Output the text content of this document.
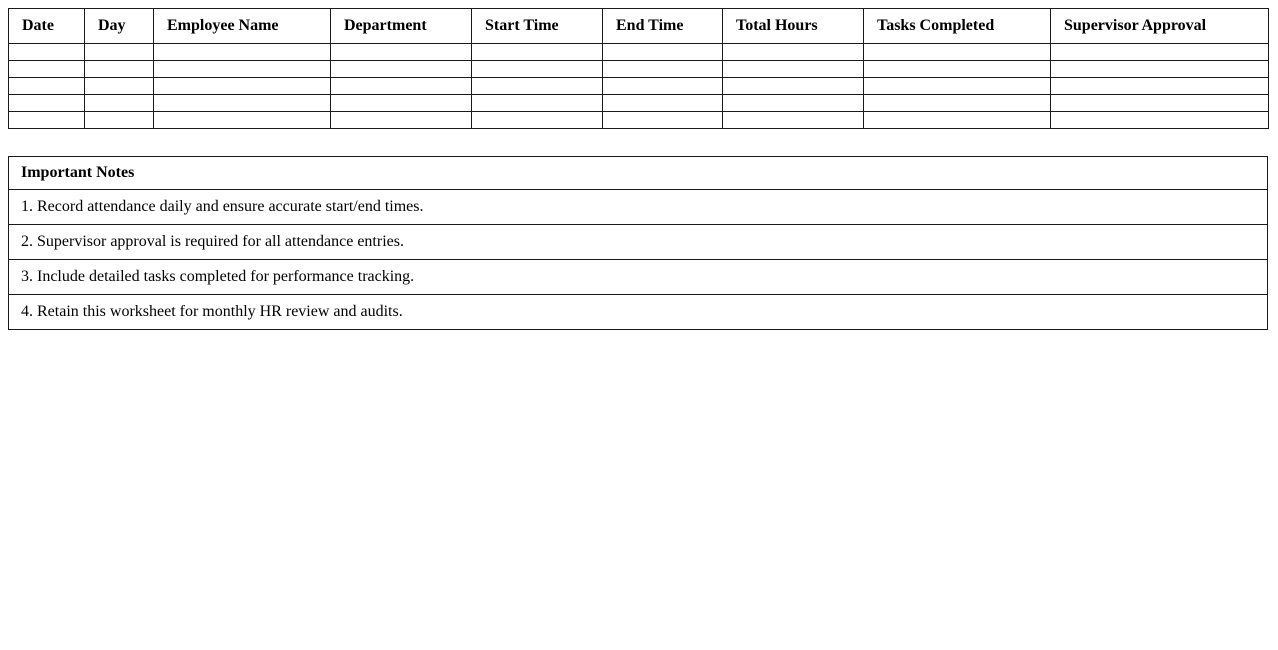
Date	Day	Employee Name	Department	Start Time	End Time	Total Hours	Tasks Completed	Supervisor Approval

Important Notes
1. Record attendance daily and ensure accurate start/end times.
2. Supervisor approval is required for all attendance entries.
3. Include detailed tasks completed for performance tracking.
4. Retain this worksheet for monthly HR review and audits.
